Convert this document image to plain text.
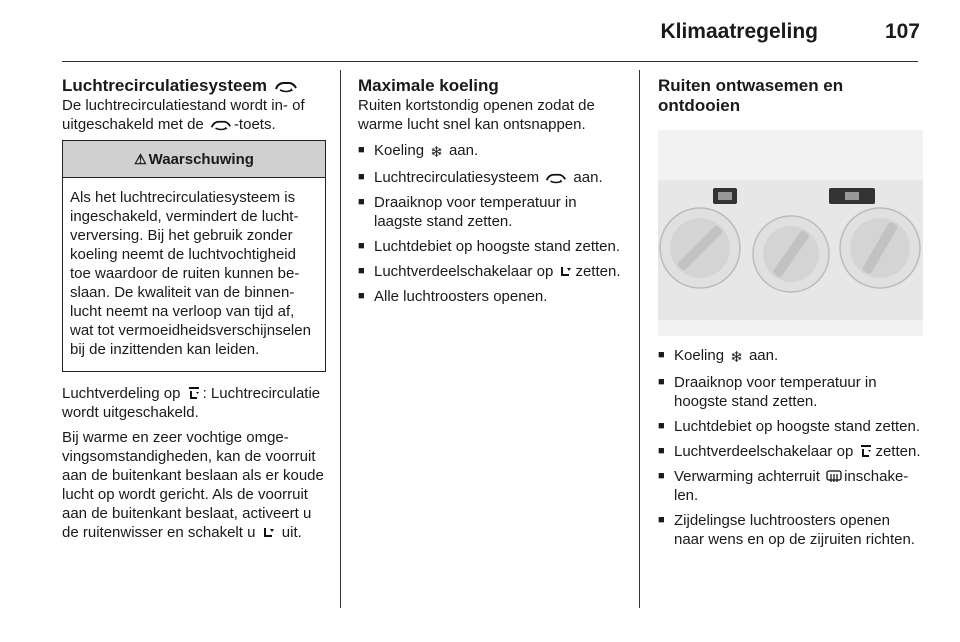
Klimaatregeling	107
Luchtrecirculatiesysteem

De luchtrecirculatiestand wordt in- of uitgeschakeld met de -toets.

⚠ Waarschuwing
Als het luchtrecirculatiesysteem is ingeschakeld, vermindert de luchtverversing. Bij het gebruik zonder koeling neemt de luchtvochtigheid toe waardoor de ruiten kunnen beslaan. De kwaliteit van de binnenlucht neemt na verloop van tijd af, wat tot vermoeidheidsverschijnselen bij de inzittenden kan leiden.

Luchtverdeling op : Luchtrecirculatie wordt uitgeschakeld.

Bij warme en zeer vochtige omgevingsomstandigheden, kan de voorruit aan de buitenkant beslaan als er koude lucht op wordt gericht. Als de voorruit aan de buitenkant beslaat, activeert u de ruitenwisser en schakelt u uit.

Maximale koeling

Ruiten kortstondig openen zodat de warme lucht snel kan ontsnappen.

■ Koeling ❄ aan.
■ Luchtrecirculatiesysteem aan.
■ Draaiknop voor temperatuur in laagste stand zetten.
■ Luchtdebiet op hoogste stand zetten.
■ Luchtverdeelschakelaar op zetten.
■ Alle luchtroosters openen.
Ruiten ontwasemen en ontdooien
■ Koeling ❄ aan.
■ Draaiknop voor temperatuur in hoogste stand zetten.
■ Luchtdebiet op hoogste stand zetten.
■ Luchtverdeelschakelaar op zetten.
■ Verwarming achterruit inschakelen.
■ Zijdelingse luchtroosters openen naar wens en op de zijruiten richten.
